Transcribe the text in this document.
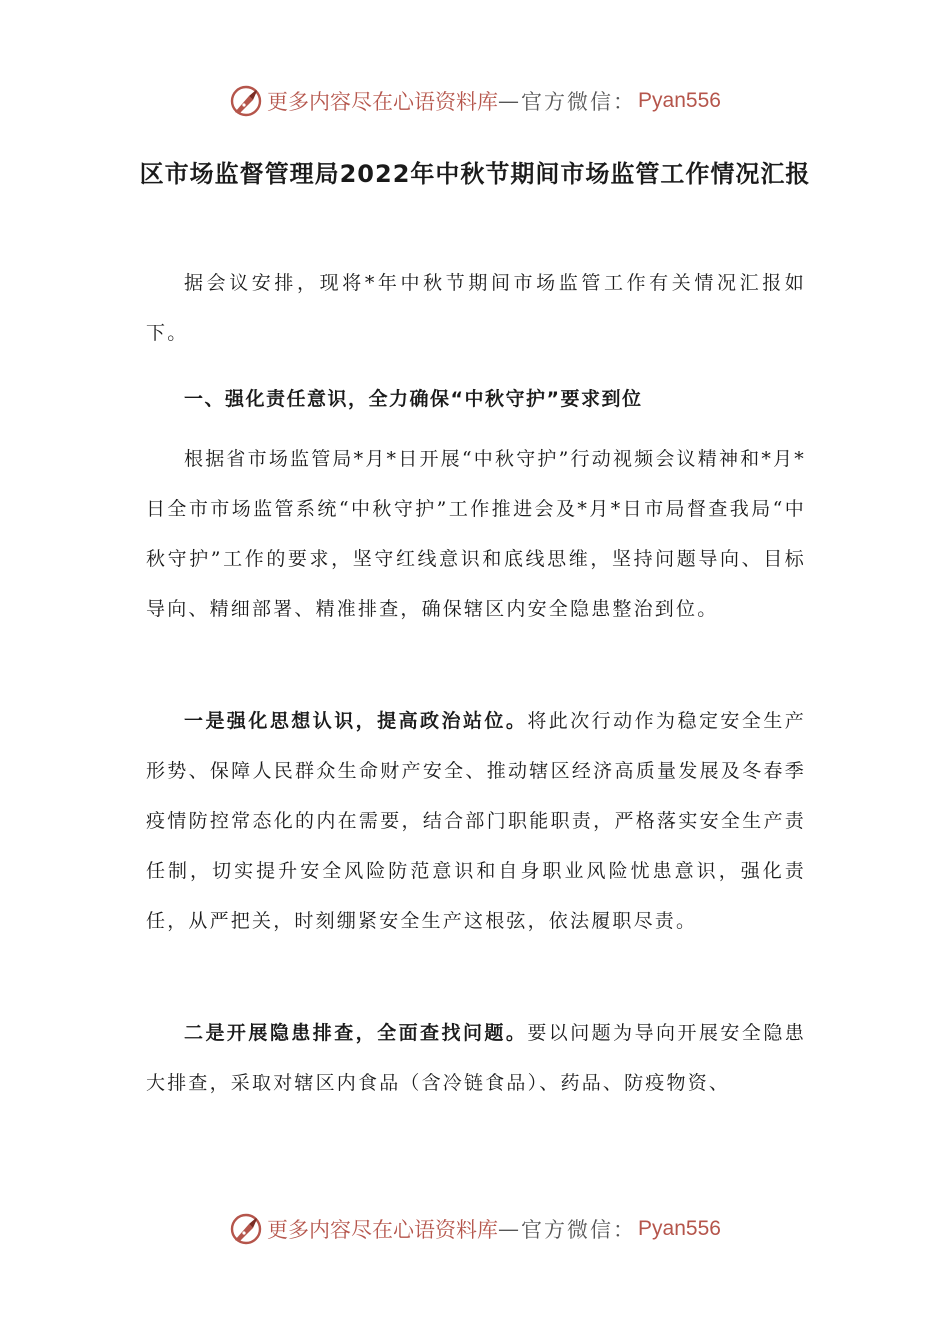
更多内容尽在心语资料库 — 官方微信： Pyan556
区市场监督管理局2022年中秋节期间市场监管工作情况汇报

据会议安排，现将*年中秋节期间市场监管工作有关情况汇报如下。

一、强化责任意识，全力确保“中秋守护”要求到位

根据省市场监管局*月*日开展“中秋守护”行动视频会议精神和*月*日全市市场监管系统“中秋守护”工作推进会及*月*日市局督查我局“中秋守护”工作的要求，坚守红线意识和底线思维，坚持问题导向、目标导向、精细部署、精准排查，确保辖区内安全隐患整治到位。

一是强化思想认识，提高政治站位。将此次行动作为稳定安全生产形势、保障人民群众生命财产安全、推动辖区经济高质量发展及冬春季疫情防控常态化的内在需要，结合部门职能职责，严格落实安全生产责任制，切实提升安全风险防范意识和自身职业风险忧患意识，强化责任，从严把关，时刻绷紧安全生产这根弦，依法履职尽责。

二是开展隐患排查，全面查找问题。要以问题为导向开展安全隐患大排查，采取对辖区内食品（含冷链食品）、药品、防疫物资、

更多内容尽在心语资料库 — 官方微信： Pyan556
